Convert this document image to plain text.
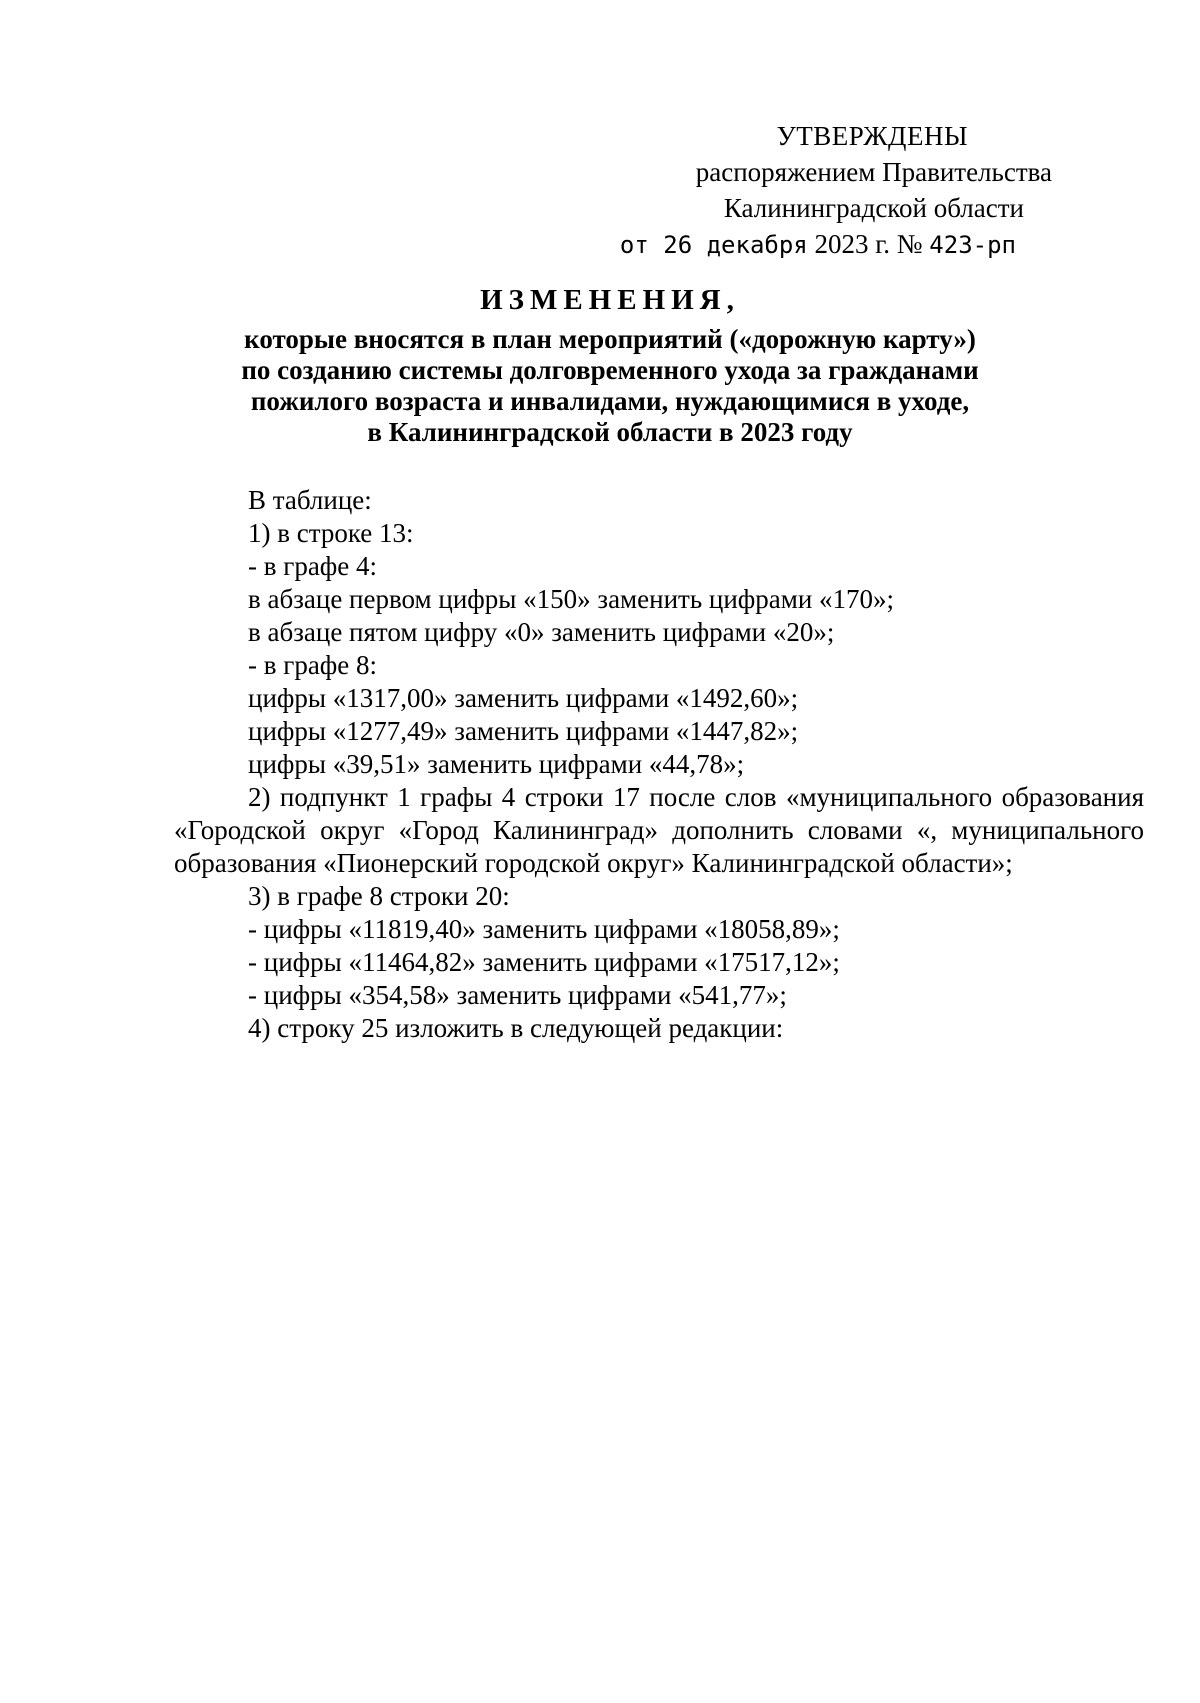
УТВЕРЖДЕНЫ
распоряжением Правительства
Калининградской области
от 26 декабря 2023 г. № 423-рп
ИЗМЕНЕНИЯ,
которые вносятся в план мероприятий («дорожную карту»)
по созданию системы долговременного ухода за гражданами
пожилого возраста и инвалидами, нуждающимися в уходе,
в Калининградской области в 2023 году
В таблице:
1) в строке 13:
- в графе 4:
в абзаце первом цифры «150» заменить цифрами «170»;
в абзаце пятом цифру «0» заменить цифрами «20»;
- в графе 8:
цифры «1317,00» заменить цифрами «1492,60»;
цифры «1277,49» заменить цифрами «1447,82»;
цифры «39,51» заменить цифрами «44,78»;
2) подпункт 1 графы 4 строки 17 после слов «муниципального образования «Городской округ «Город Калининград» дополнить словами «, муниципального образования «Пионерский городской округ» Калининградской области»;
3) в графе 8 строки 20:
- цифры «11819,40» заменить цифрами «18058,89»;
- цифры «11464,82» заменить цифрами «17517,12»;
- цифры «354,58» заменить цифрами «541,77»;
4) строку 25 изложить в следующей редакции:
